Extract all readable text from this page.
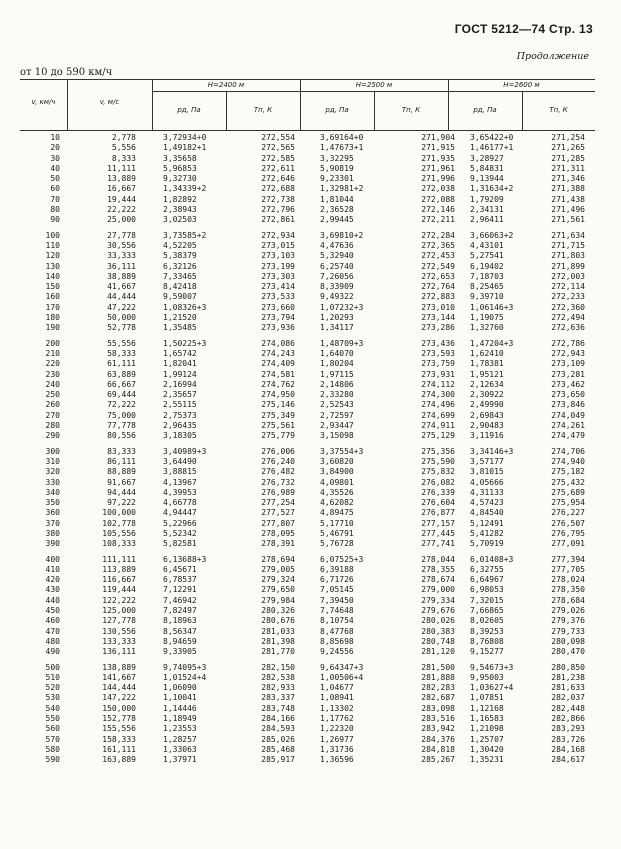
ГОСТ 5212—74 Стр. 13
Продолжение
от 10 до 590 км/ч
v, км/ч	v, м/с
H=2400 м	H=2500 м	H=2600 м
pд, Па	Tп, К	pд, Па	Tп, К	pд, Па	Tп, К
10	2,778	3,72934+0	272,554	3,69164+0	271,904 3,65422+0	271,254
20	5,556	1,49182+1	272,565	1,47673+1	271,915 1,46177+1	271,265
30	8,333	3,35658	272,585	3,32295	271,935 3,28927	271,285
40	11,111	5,96853	272,611	5,90819	271,961 5,84831	271,311
50	13,889	9,32730	272,646	9,23301	271,996 9,13944	271,346
60	16,667	1,34339+2	272,688	1,32981+2	272,038 1,31634+2	271,388
70	19,444	1,82892	272,738	1,81044	272,088 1,79209	271,438
80	22,222	2,38943	272,796	2,36528	272,146 2,34131	271,496
90	25,000	3,02503	272,861	2,99445	272,211 2,96411	271,561
100	27,778	3,73585+2	272,934	3,69810+2	272,284 3,66063+2	271,634
110	30,556	4,52205	273,015	4,47636	272,365 4,43101	271,715
120	33,333	5,38379	273,103	5,32940	272,453 5,27541	271,803
130	36,111	6,32126	273,199	6,25740	272,549 6,19402	271,899
140	38,889	7,33465	273,303	7,26056	272,653 7,18703	272,003
150	41,667	8,42418	273,414	8,33909	272,764 8,25465	272,114
160	44,444	9,59007	273,533	9,49322	272,883 9,39710	272,233
170	47,222	1,08326+3	273,660	1,07232+3	273,010 1,06146+3	272,360
180	50,000	1,21520	273,794	1,20293	273,144 1,19075	272,494
190	52,778	1,35485	273,936	1,34117	273,286 1,32760	272,636
200	55,556	1,50225+3	274,086	1,48709+3	273,436 1,47204+3	272,786
210	58,333	1,65742	274,243	1,64070	273,593 1,62410	272,943
220	61,111	1,82041	274,409	1,80204	273,759 1,78381	273,109
230	63,889	1,99124	274,581	1,97115	273,931 1,95121	273,281
240	66,667	2,16994	274,762	2,14806	274,112 2,12634	273,462
250	69,444	2,35657	274,950	2,33280	274,300 2,30922	273,650
260	72,222	2,55115	275,146	2,52543	274,496 2,49990	273,846
270	75,000	2,75373	275,349	2,72597	274,699 2,69843	274,049
280	77,778	2,96435	275,561	2,93447	274,911 2,90483	274,261
290	80,556	3,18305	275,779	3,15098	275,129 3,11916	274,479
300	83,333	3,40989+3	276,006	3,37554+3	275,356 3,34146+3	274,706
310	86,111	3,64490	276,240	3,60820	275,590 3,57177	274,940
320	88,889	3,88815	276,482	3,84900	275,832 3,81015	275,182
330	91,667	4,13967	276,732	4,09801	276,082 4,05666	275,432
340	94,444	4,39953	276,989	4,35526	276,339 4,31133	275,689
350	97,222	4,66778	277,254	4,62082	276,604 4,57423	275,954
360	100,000	4,94447	277,527	4,89475	276,877 4,84540	276,227
370	102,778	5,22966	277,807	5,17710	277,157 5,12491	276,507
380	105,556	5,52342	278,095	5,46791	277,445 5,41282	276,795
390	108,333	5,82581	278,391	5,76728	277,741 5,70919	277,091
400	111,111	6,13688+3	278,694	6,07525+3	278,044 6,01408+3	277,394
410	113,889	6,45671	279,005	6,39188	278,355 6,32755	277,705
420	116,667	6,78537	279,324	6,71726	278,674 6,64967	278,024
430	119,444	7,12291	279,650	7,05145	279,000 6,98053	278,350
440	122,222	7,46942	279,984	7,39450	279,334 7,32015	278,684
450	125,000	7,82497	280,326	7,74648	279,676 7,66865	279,026
460	127,778	8,18963	280,676	8,10754	280,026 8,02605	279,376
470	130,556	8,56347	281,033	8,47768	280,383 8,39253	279,733
480	133,333	8,94659	281,398	8,85698	280,748 8,76808	280,098
490	136,111	9,33905	281,770	9,24556	281,120 9,15277	280,470
500	138,889	9,74095+3	282,150	9,64347+3	281,500 9,54673+3	280,850
510	141,667	1,01524+4	282,538	1,00506+4	281,888 9,95003	281,238
520	144,444	1,06090	282,933	1,04677	282,283 1,03627+4	281,633
530	147,222	1,10041	283,337	1,08941	282,687 1,07851	282,037
540	150,000	1,14446	283,748	1,13302	283,098 1,12168	282,448
550	152,778	1,18949	284,166	1,17762	283,516 1,16583	282,866
560	155,556	1,23553	284,593	1,22320	283,942 1,21098	283,293
570	158,333	1,28257	285,026	1,26977	284,376 1,25707	283,726
580	161,111	1,33063	285,468	1,31736	284,818 1,30420	284,168
590	163,889	1,37971	285,917	1,36596	285,267 1,35231	284,617
